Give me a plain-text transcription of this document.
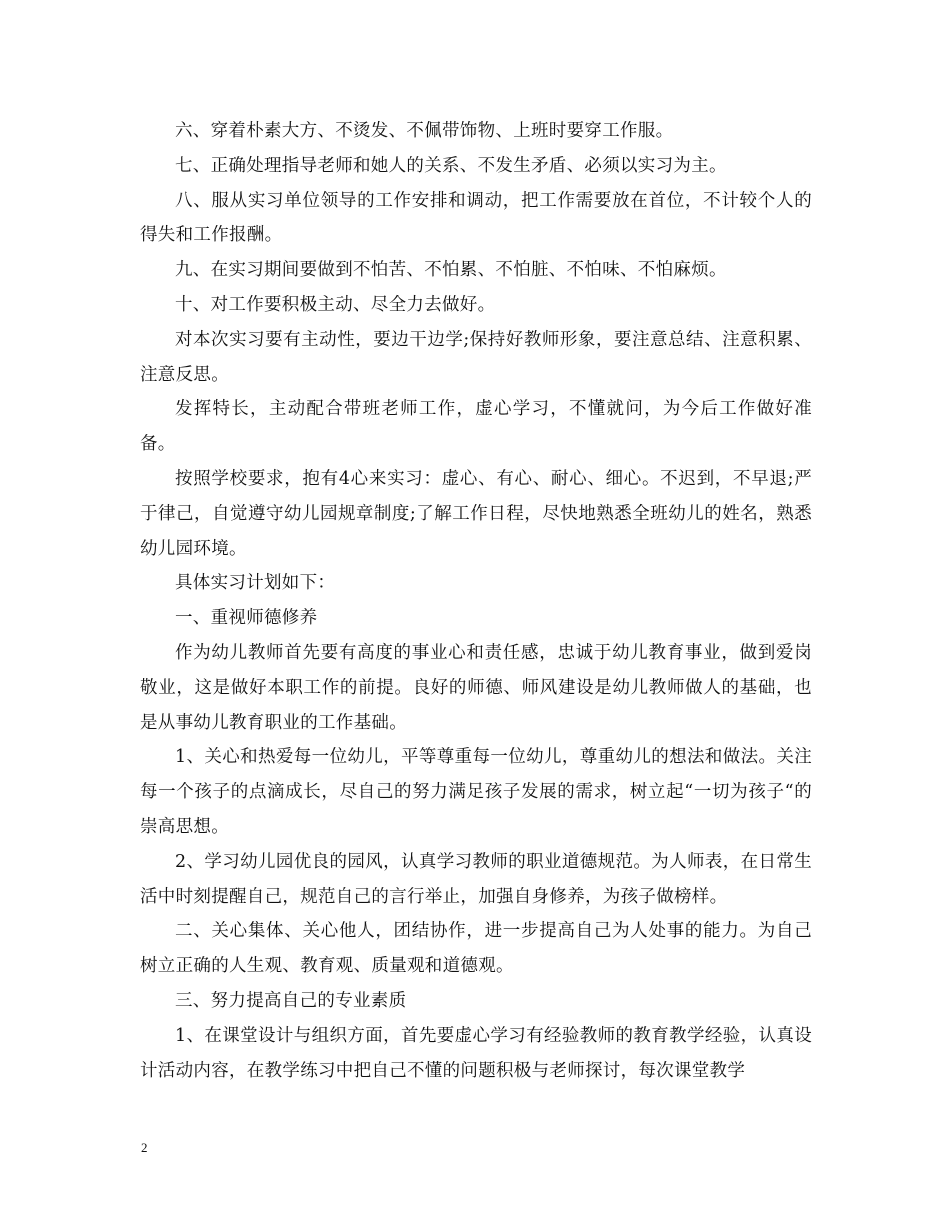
六、穿着朴素大方、不烫发、不佩带饰物、上班时要穿工作服。

七、正确处理指导老师和她人的关系、不发生矛盾、必须以实习为主。

八、服从实习单位领导的工作安排和调动，把工作需要放在首位，不计较个人的得失和工作报酬。

九、在实习期间要做到不怕苦、不怕累、不怕脏、不怕味、不怕麻烦。

十、对工作要积极主动、尽全力去做好。

对本次实习要有主动性，要边干边学;保持好教师形象，要注意总结、注意积累、注意反思。

发挥特长，主动配合带班老师工作，虚心学习，不懂就问，为今后工作做好准备。

按照学校要求，抱有4心来实习：虚心、有心、耐心、细心。不迟到，不早退;严于律己，自觉遵守幼儿园规章制度;了解工作日程，尽快地熟悉全班幼儿的姓名，熟悉幼儿园环境。

具体实习计划如下：

一、重视师德修养

作为幼儿教师首先要有高度的事业心和责任感，忠诚于幼儿教育事业，做到爱岗敬业，这是做好本职工作的前提。良好的师德、师风建设是幼儿教师做人的基础，也是从事幼儿教育职业的工作基础。

1、关心和热爱每一位幼儿，平等尊重每一位幼儿，尊重幼儿的想法和做法。关注每一个孩子的点滴成长，尽自己的努力满足孩子发展的需求，树立起“一切为孩子“的崇高思想。

2、学习幼儿园优良的园风，认真学习教师的职业道德规范。为人师表，在日常生活中时刻提醒自己，规范自己的言行举止，加强自身修养，为孩子做榜样。

二、关心集体、关心他人，团结协作，进一步提高自己为人处事的能力。为自己树立正确的人生观、教育观、质量观和道德观。

三、努力提高自己的专业素质

1、在课堂设计与组织方面，首先要虚心学习有经验教师的教育教学经验，认真设计活动内容，在教学练习中把自己不懂的问题积极与老师探讨，每次课堂教学

2
